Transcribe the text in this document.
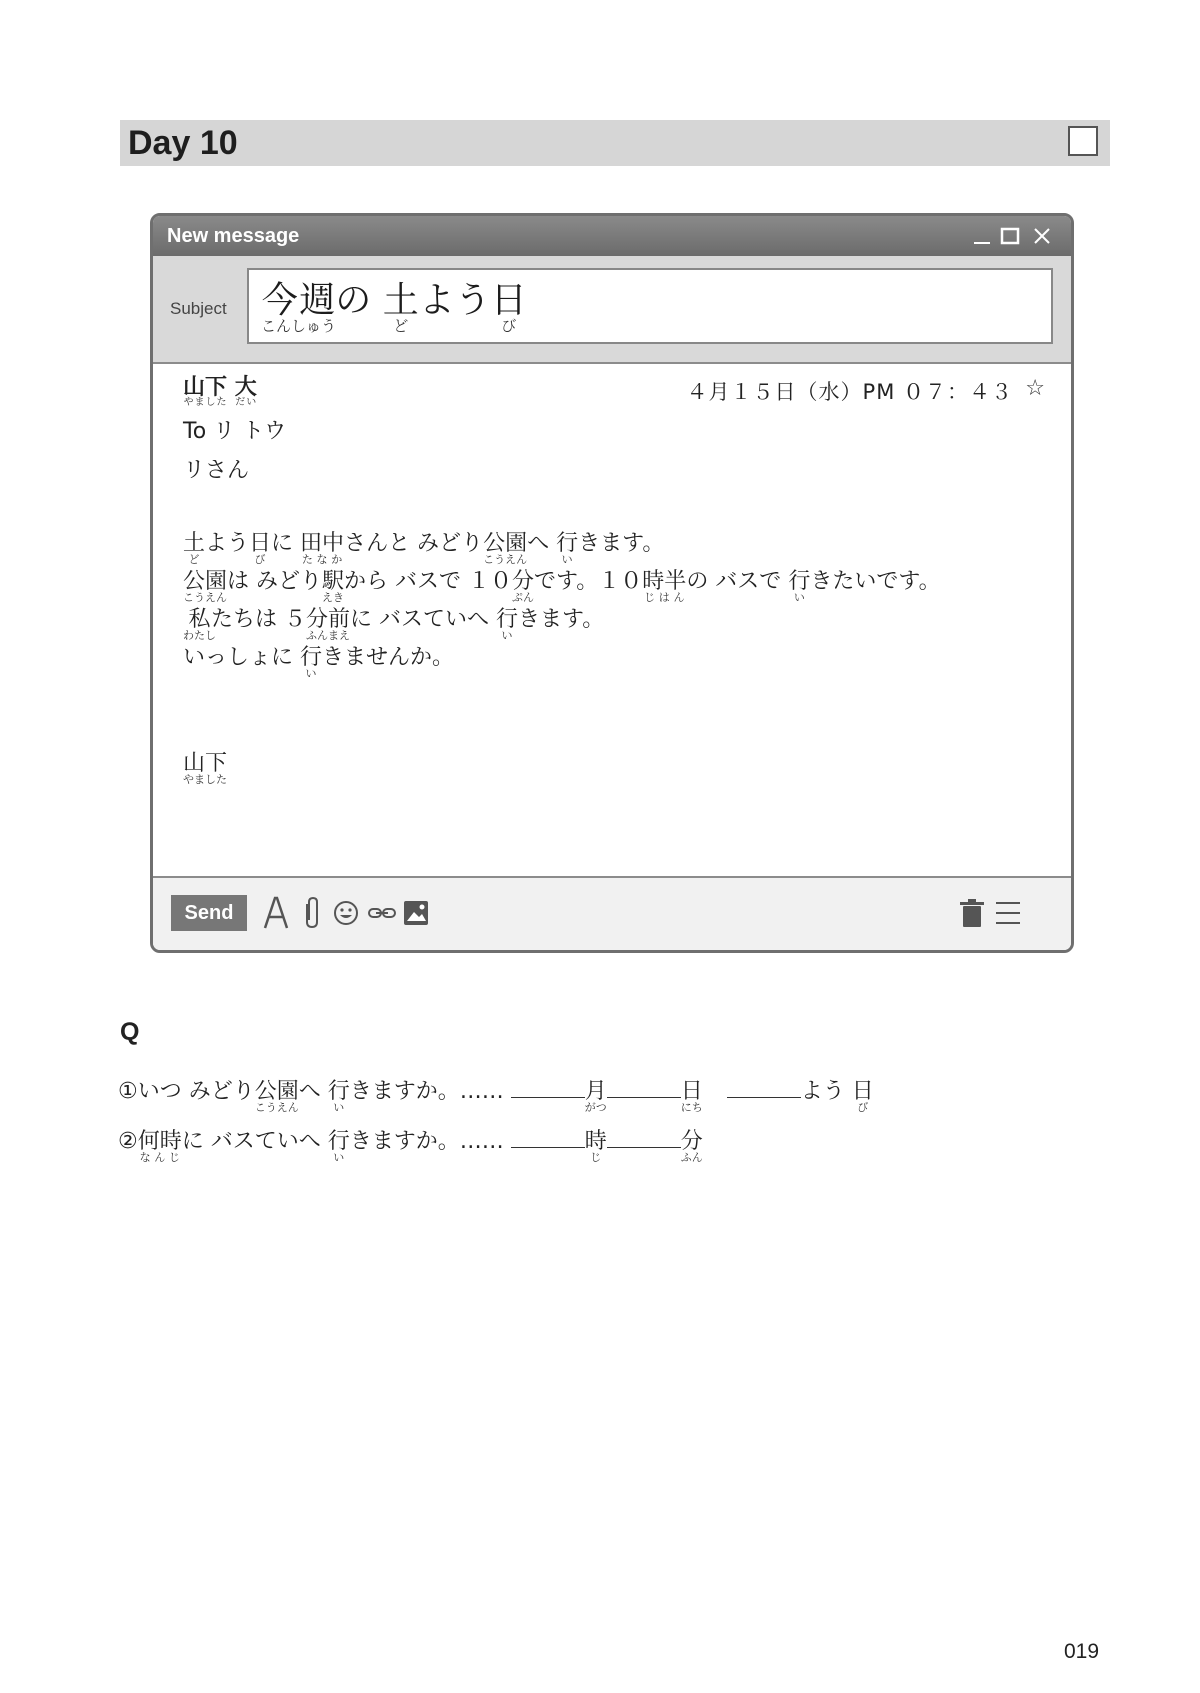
Day 10
New message
Subject 今週こんしゅうの 土どよう日び
山下やました 大だい	４月１５日（水）PM ０７：４３ ☆
To リ トウ
リさん
土どよう日びに 田中たなかさんと みどり公園こうえんへ 行いきます。
公園こうえんは みどり駅えきから バスで １０分ぷんです。１０時半じはんの バスで 行いきたいです。
私わたしたちは ５分前ふんまえに バスていへ 行いきます。
いっしょに 行いきませんか。
山下やました
Send
Q
①いつ みどり公園こうえんへ 行いきますか。……	月がつ日にちよう 日び
②何時なんじに バスていへ 行いきますか。……	時じ分ふん
019
